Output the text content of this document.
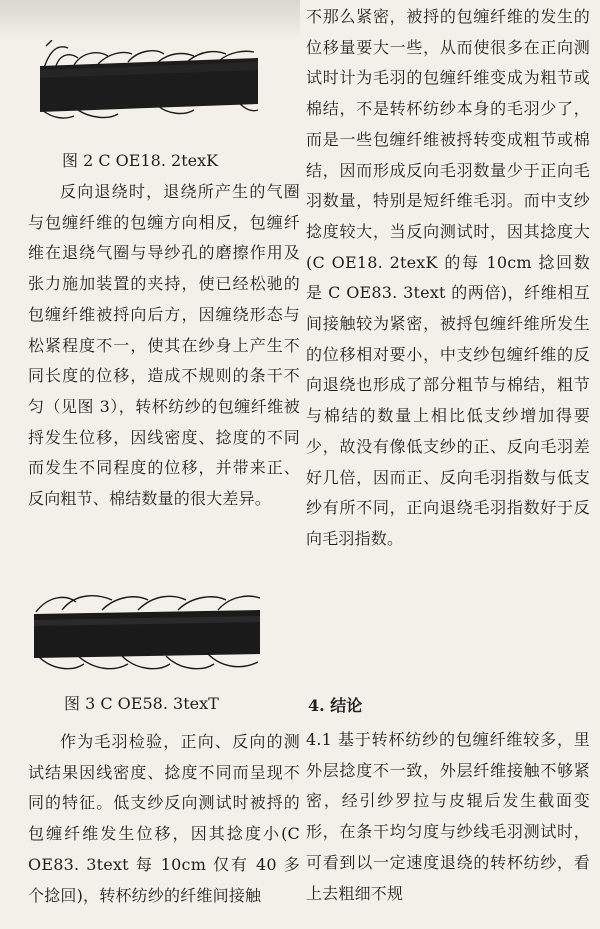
图 2 C OE18. 2texK

反向退绕时，退绕所产生的气圈与包缠纤维的包缠方向相反，包缠纤维在退绕气圈与导纱孔的磨擦作用及张力施加装置的夹持，使已经松驰的包缠纤维被捋向后方，因缠绕形态与松紧程度不一，使其在纱身上产生不同长度的位移，造成不规则的条干不匀（见图 3），转杯纺纱的包缠纤维被捋发生位移，因线密度、捻度的不同而发生不同程度的位移，并带来正、反向粗节、棉结数量的很大差异。

作为毛羽检验，正向、反向的测试结果因线密度、捻度不同而呈现不同的特征。低支纱反向测试时被捋的包缠纤维发生位移，因其捻度小(C OE83. 3text 每 10cm 仅有 40 多个捻回)，转杯纺纱的纤维间接触

图 3 C OE58. 3texT

不那么紧密，被捋的包缠纤维的发生的位移量要大一些，从而使很多在正向测试时计为毛羽的包缠纤维变成为粗节或棉结，不是转杯纺纱本身的毛羽少了，而是一些包缠纤维被捋转变成粗节或棉结，因而形成反向毛羽数量少于正向毛羽数量，特别是短纤维毛羽。而中支纱捻度较大，当反向测试时，因其捻度大(C OE18. 2texK 的每 10cm 捻回数是 C OE83. 3text 的两倍)，纤维相互间接触较为紧密，被捋包缠纤维所发生的位移相对要小，中支纱包缠纤维的反向退绕也形成了部分粗节与棉结，粗节与棉结的数量上相比低支纱增加得要少，故没有像低支纱的正、反向毛羽差好几倍，因而正、反向毛羽指数与低支纱有所不同，正向退绕毛羽指数好于反向毛羽指数。

4. 结论

4.1 基于转杯纺纱的包缠纤维较多，里外层捻度不一致，外层纤维接触不够紧密，经引纱罗拉与皮辊后发生截面变形，在条干均匀度与纱线毛羽测试时，可看到以一定速度退绕的转杯纺纱，看上去粗细不规
